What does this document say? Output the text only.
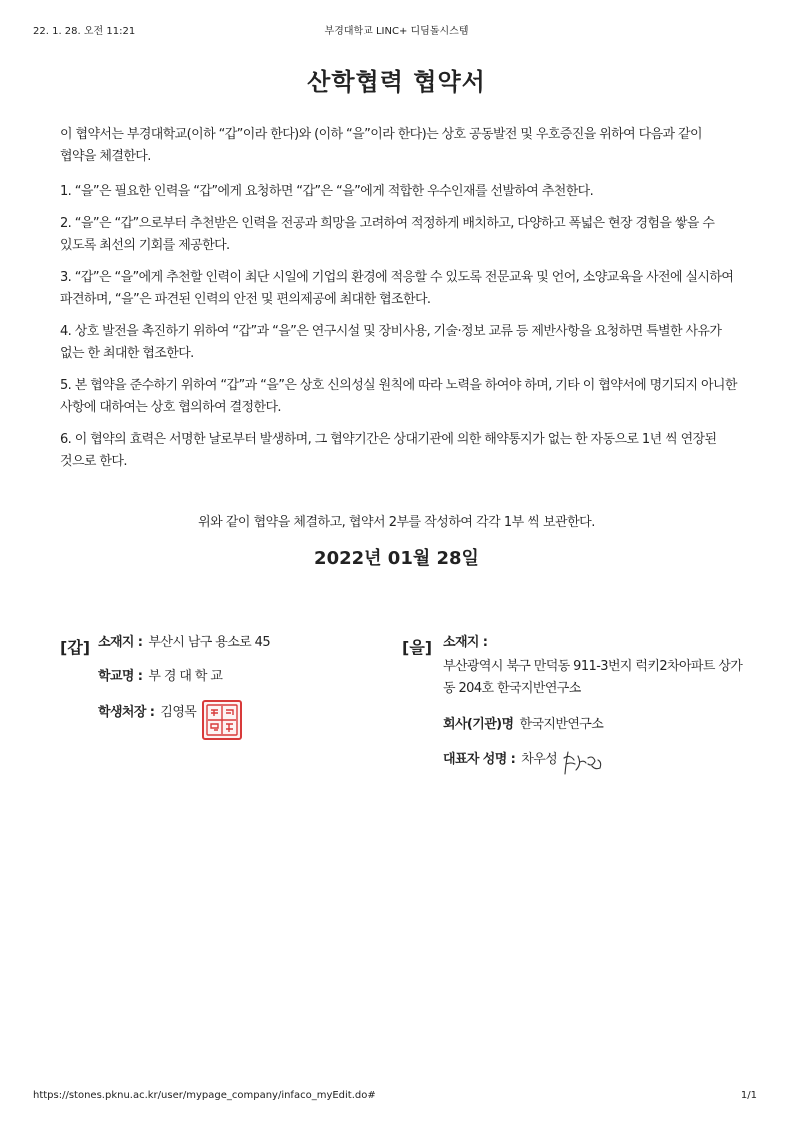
22. 1. 28. 오전 11:21	부경대학교 LINC+ 디딤돌시스템
산학협력 협약서

이 협약서는 부경대학교(이하 “갑”이라 한다)와 (이하 “을”이라 한다)는 상호 공동발전 및 우호증진을 위하여 다음과 같이 협약을 체결한다.

1. “을”은 필요한 인력을 “갑”에게 요청하면 “갑”은 “을”에게 적합한 우수인재를 선발하여 추천한다.

2. “을”은 “갑”으로부터 추천받은 인력을 전공과 희망을 고려하여 적정하게 배치하고, 다양하고 폭넓은 현장 경험을 쌓을 수 있도록 최선의 기회를 제공한다.

3. “갑”은 “을”에게 추천할 인력이 최단 시일에 기업의 환경에 적응할 수 있도록 전문교육 및 언어, 소양교육을 사전에 실시하여 파견하며, “을”은 파견된 인력의 안전 및 편의제공에 최대한 협조한다.

4. 상호 발전을 촉진하기 위하여 “갑”과 “을”은 연구시설 및 장비사용, 기술·정보 교류 등 제반사항을 요청하면 특별한 사유가 없는 한 최대한 협조한다.

5. 본 협약을 준수하기 위하여 “갑”과 “을”은 상호 신의성실 원칙에 따라 노력을 하여야 하며, 기타 이 협약서에 명기되지 아니한 사항에 대하여는 상호 협의하여 결정한다.

6. 이 협약의 효력은 서명한 날로부터 발생하며, 그 협약기간은 상대기관에 의한 해약통지가 없는 한 자동으로 1년 씩 연장된 것으로 한다.

위와 같이 협약을 체결하고, 협약서 2부를 작성하여 각각 1부 씩 보관한다.
2022년 01월 28일
[갑] 소재지 : 부산시 남구 용소로 45
학교명 : 부 경 대 학 교
학생처장 : 김영목
[을] 소재지 :
부산광역시 북구 만덕동 911-3번지 럭키2차아파트 상가동 204호 한국지반연구소
회사(기관)명 한국지반연구소
대표자 성명 : 차우성
https://stones.pknu.ac.kr/user/mypage_company/infaco_myEdit.do#	1/1
